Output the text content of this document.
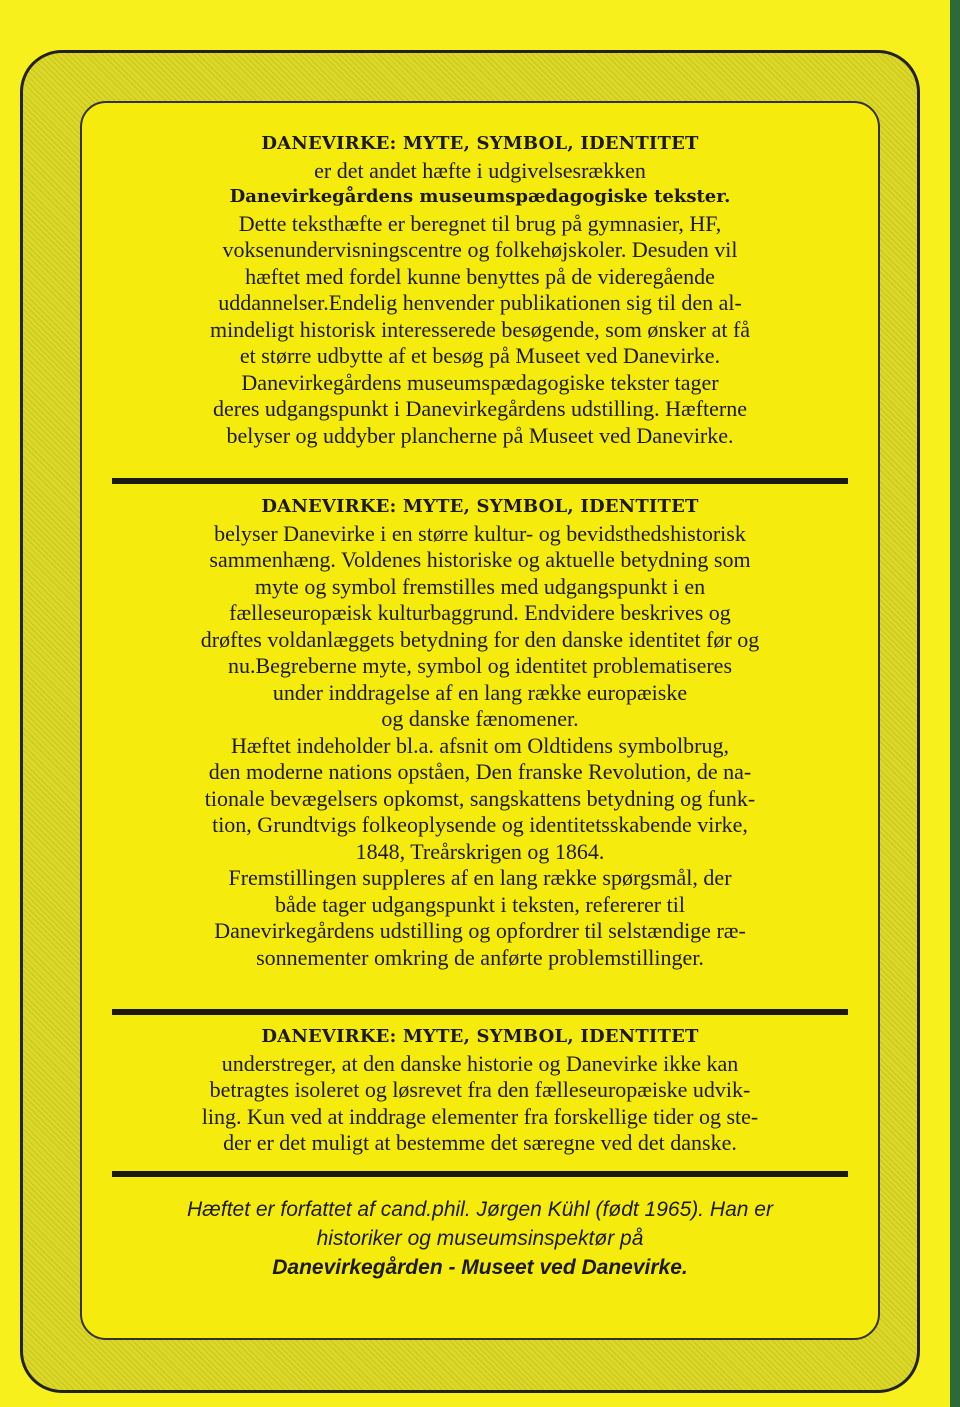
DANEVIRKE: MYTE, SYMBOL, IDENTITET

er det andet hæfte i udgivelsesrækken

Danevirkegårdens museumspædagogiske tekster.

Dette teksthæfte er beregnet til brug på gymnasier, HF,

voksenundervisningscentre og folkehøjskoler. Desuden vil

hæftet med fordel kunne benyttes på de videregående

uddannelser.Endelig henvender publikationen sig til den al-

mindeligt historisk interesserede besøgende, som ønsker at få

et større udbytte af et besøg på Museet ved Danevirke.

Danevirkegårdens museumspædagogiske tekster tager

deres udgangspunkt i Danevirkegårdens udstilling. Hæfterne

belyser og uddyber plancherne på Museet ved Danevirke.

DANEVIRKE: MYTE, SYMBOL, IDENTITET

belyser Danevirke i en større kultur- og bevidsthedshistorisk

sammenhæng. Voldenes historiske og aktuelle betydning som

myte og symbol fremstilles med udgangspunkt i en

fælleseuropæisk kulturbaggrund. Endvidere beskrives og

drøftes voldanlæggets betydning for den danske identitet før og

nu.Begreberne myte, symbol og identitet problematiseres

under inddragelse af en lang række europæiske

og danske fænomener.

Hæftet indeholder bl.a. afsnit om Oldtidens symbolbrug,

den moderne nations opståen, Den franske Revolution, de na-

tionale bevægelsers opkomst, sangskattens betydning og funk-

tion, Grundtvigs folkeoplysende og identitetsskabende virke,

1848, Treårskrigen og 1864.

Fremstillingen suppleres af en lang række spørgsmål, der

både tager udgangspunkt i teksten, refererer til

Danevirkegårdens udstilling og opfordrer til selstændige ræ-

sonnementer omkring de anførte problemstillinger.

DANEVIRKE: MYTE, SYMBOL, IDENTITET

understreger, at den danske historie og Danevirke ikke kan

betragtes isoleret og løsrevet fra den fælleseuropæiske udvik-

ling. Kun ved at inddrage elementer fra forskellige tider og ste-

der er det muligt at bestemme det særegne ved det danske.

Hæftet er forfattet af cand.phil. Jørgen Kühl (født 1965). Han er

historiker og museumsinspektør på

Danevirkegården - Museet ved Danevirke.
